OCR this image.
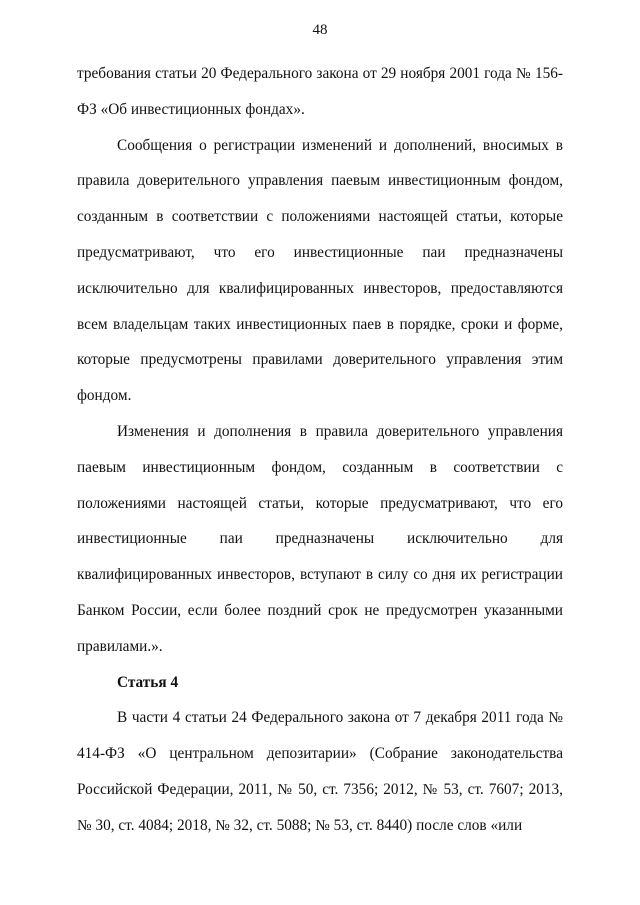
48

требования статьи 20 Федерального закона от 29 ноября 2001 года № 156-ФЗ «Об инвестиционных фондах».

Сообщения о регистрации изменений и дополнений, вносимых в правила доверительного управления паевым инвестиционным фондом, созданным в соответствии с положениями настоящей статьи, которые предусматривают, что его инвестиционные паи предназначены исключительно для квалифицированных инвесторов, предоставляются всем владельцам таких инвестиционных паев в порядке, сроки и форме, которые предусмотрены правилами доверительного управления этим фондом.

Изменения и дополнения в правила доверительного управления паевым инвестиционным фондом, созданным в соответствии с положениями настоящей статьи, которые предусматривают, что его инвестиционные паи предназначены исключительно для квалифицированных инвесторов, вступают в силу со дня их регистрации Банком России, если более поздний срок не предусмотрен указанными правилами.».

Статья 4

В части 4 статьи 24 Федерального закона от 7 декабря 2011 года № 414-ФЗ «О центральном депозитарии» (Собрание законодательства Российской Федерации, 2011, № 50, ст. 7356; 2012, № 53, ст. 7607; 2013, № 30, ст. 4084; 2018, № 32, ст. 5088; № 53, ст. 8440) после слов «или
